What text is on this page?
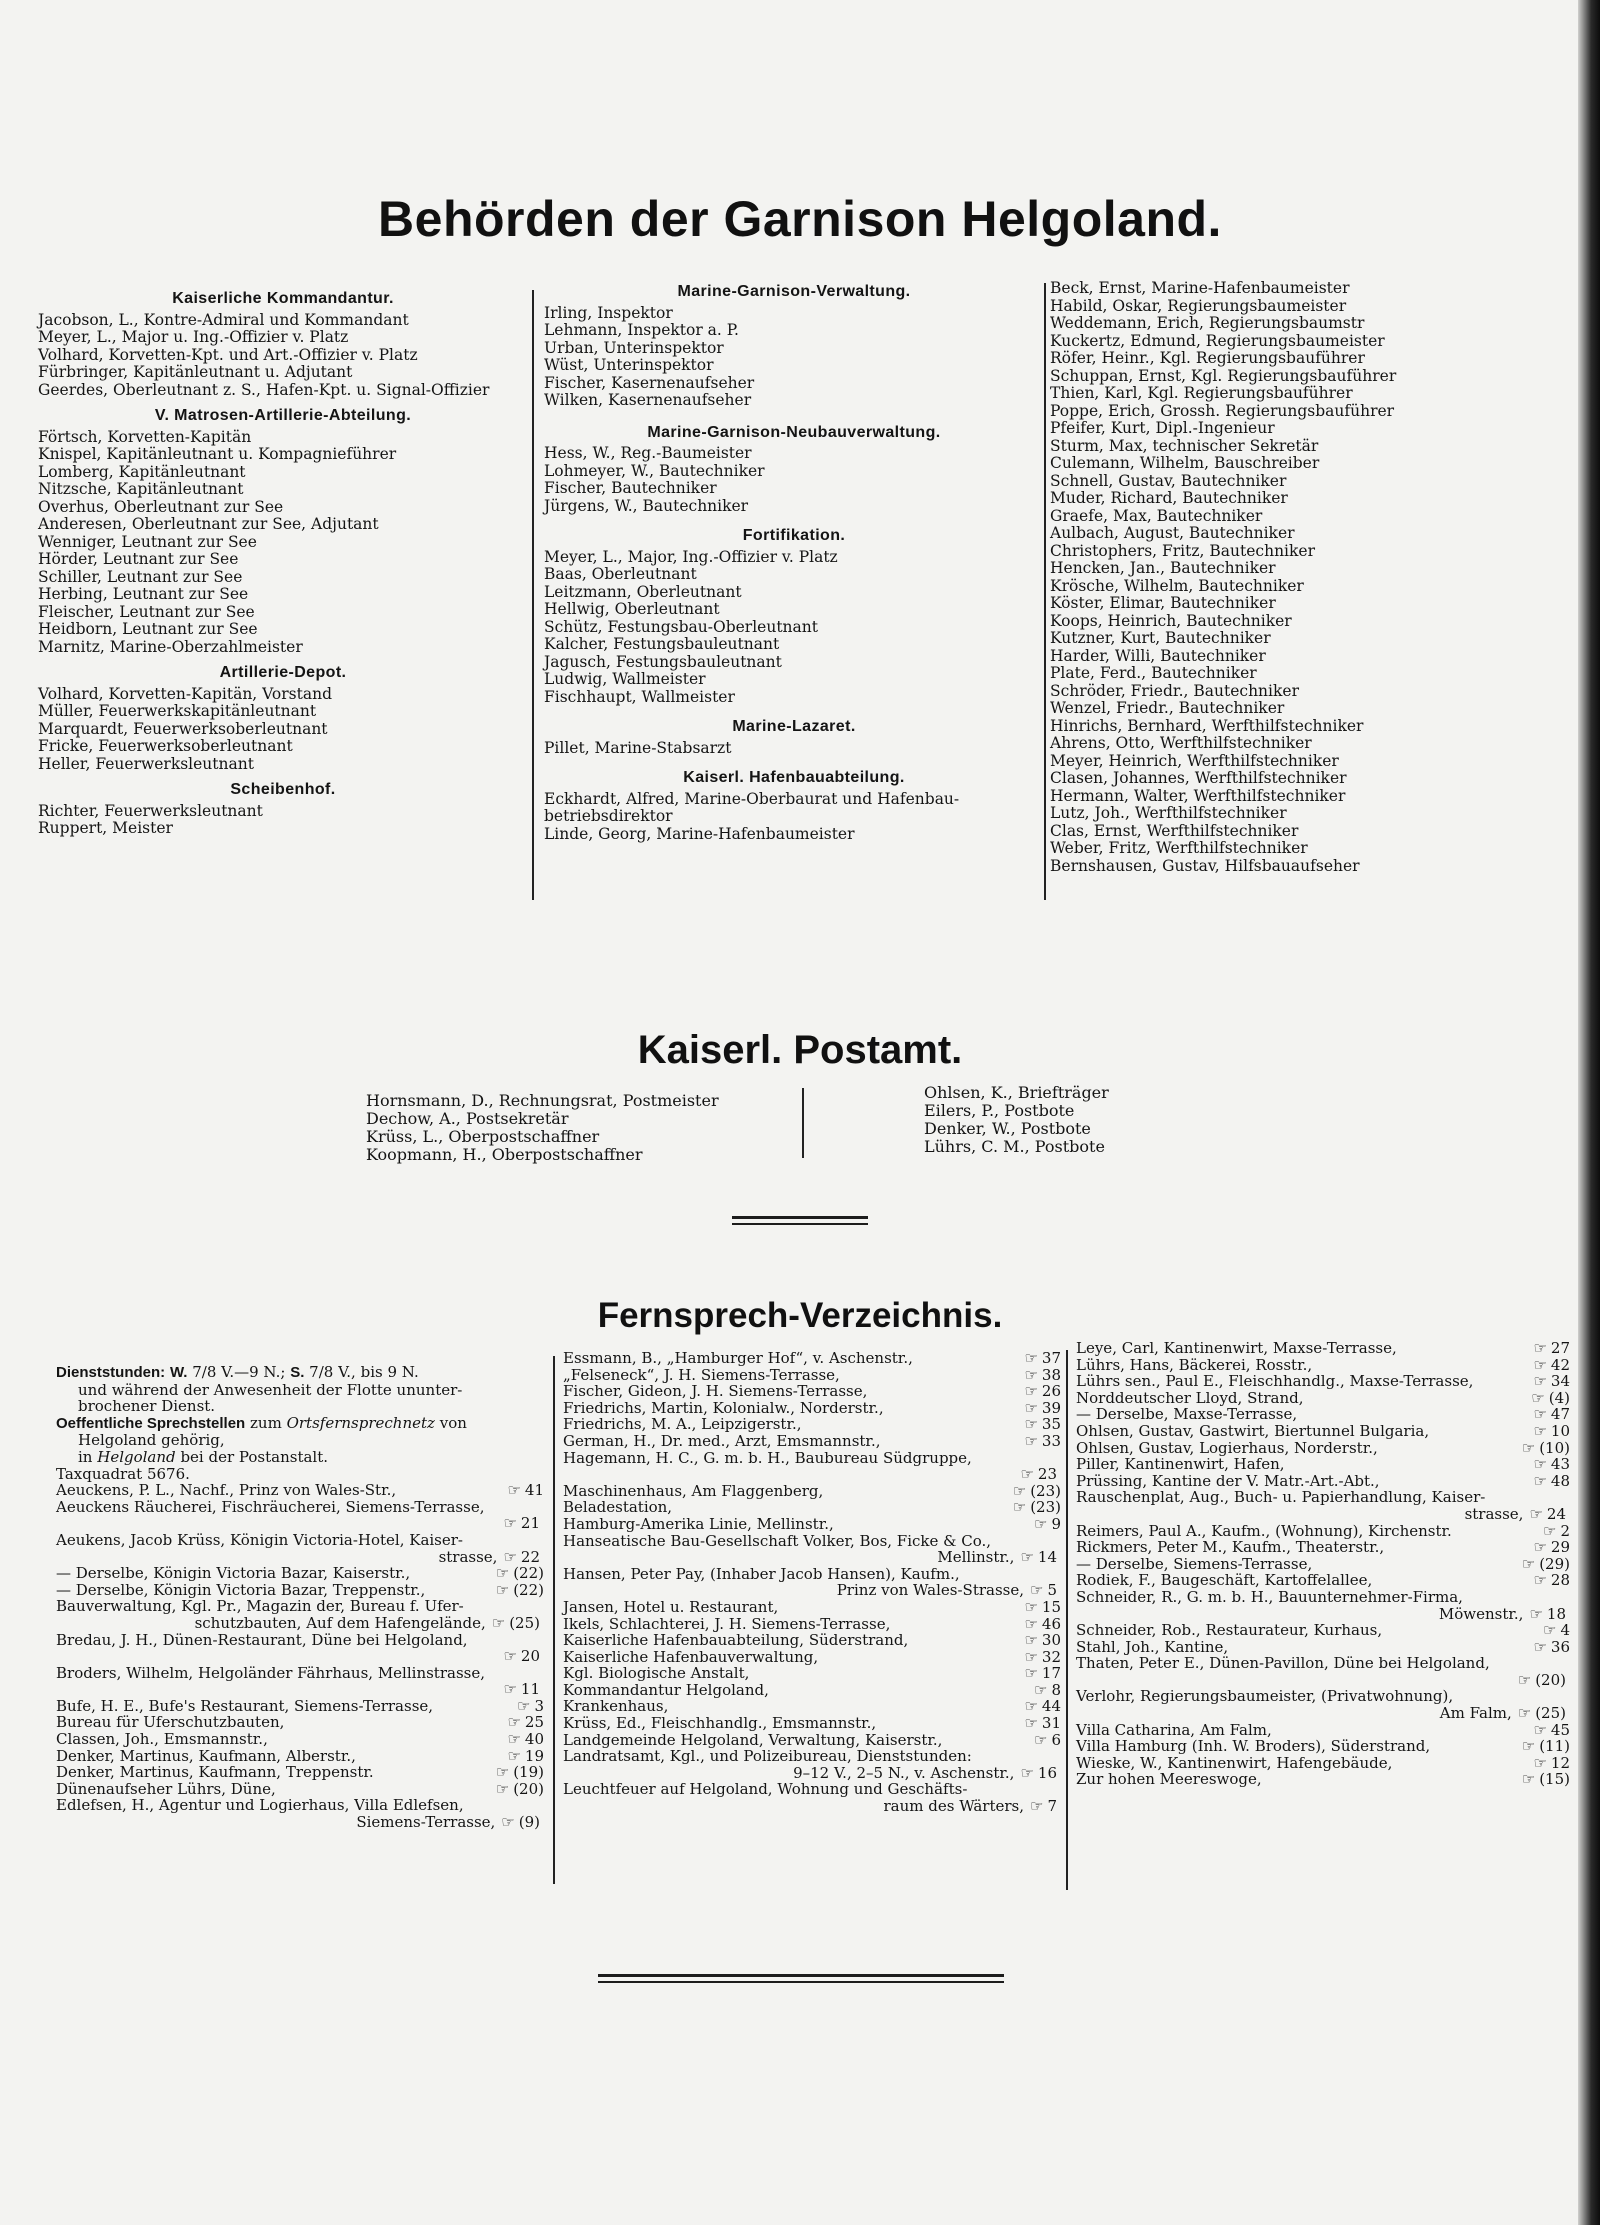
Behörden der Garnison Helgoland.
Kaiserliche Kommandantur.
Jacobson, L., Kontre-Admiral und Kommandant
Meyer, L., Major u. Ing.-Offizier v. Platz
Volhard, Korvetten-Kpt. und Art.-Offizier v. Platz
Fürbringer, Kapitänleutnant u. Adjutant
Geerdes, Oberleutnant z. S., Hafen-Kpt. u. Signal-Offizier
V. Matrosen-Artillerie-Abteilung.
Förtsch, Korvetten-Kapitän
Knispel, Kapitänleutnant u. Kompagnieführer
Lomberg, Kapitänleutnant
Nitzsche, Kapitänleutnant
Overhus, Oberleutnant zur See
Anderesen, Oberleutnant zur See, Adjutant
Wenniger, Leutnant zur See
Hörder, Leutnant zur See
Schiller, Leutnant zur See
Herbing, Leutnant zur See
Fleischer, Leutnant zur See
Heidborn, Leutnant zur See
Marnitz, Marine-Oberzahlmeister
Artillerie-Depot.
Volhard, Korvetten-Kapitän, Vorstand
Müller, Feuerwerkskapitänleutnant
Marquardt, Feuerwerksoberleutnant
Fricke, Feuerwerksoberleutnant
Heller, Feuerwerksleutnant
Scheibenhof.
Richter, Feuerwerksleutnant
Ruppert, Meister
Marine-Garnison-Verwaltung.
Irling, Inspektor
Lehmann, Inspektor a. P.
Urban, Unterinspektor
Wüst, Unterinspektor
Fischer, Kasernenaufseher
Wilken, Kasernenaufseher
Marine-Garnison-Neubauverwaltung.
Hess, W., Reg.-Baumeister
Lohmeyer, W., Bautechniker
Fischer, Bautechniker
Jürgens, W., Bautechniker
Fortifikation.
Meyer, L., Major, Ing.-Offizier v. Platz
Baas, Oberleutnant
Leitzmann, Oberleutnant
Hellwig, Oberleutnant
Schütz, Festungsbau-Oberleutnant
Kalcher, Festungsbauleutnant
Jagusch, Festungsbauleutnant
Ludwig, Wallmeister
Fischhaupt, Wallmeister
Marine-Lazaret.
Pillet, Marine-Stabsarzt
Kaiserl. Hafenbauabteilung.
Eckhardt, Alfred, Marine-Oberbaurat und Hafenbau-
betriebsdirektor
Linde, Georg, Marine-Hafenbaumeister
Beck, Ernst, Marine-Hafenbaumeister
Habild, Oskar, Regierungsbaumeister
Weddemann, Erich, Regierungsbaumstr
Kuckertz, Edmund, Regierungsbaumeister
Röfer, Heinr., Kgl. Regierungsbauführer
Schuppan, Ernst, Kgl. Regierungsbauführer
Thien, Karl, Kgl. Regierungsbauführer
Poppe, Erich, Grossh. Regierungsbauführer
Pfeifer, Kurt, Dipl.-Ingenieur
Sturm, Max, technischer Sekretär
Culemann, Wilhelm, Bauschreiber
Schnell, Gustav, Bautechniker
Muder, Richard, Bautechniker
Graefe, Max, Bautechniker
Aulbach, August, Bautechniker
Christophers, Fritz, Bautechniker
Hencken, Jan., Bautechniker
Krösche, Wilhelm, Bautechniker
Köster, Elimar, Bautechniker
Koops, Heinrich, Bautechniker
Kutzner, Kurt, Bautechniker
Harder, Willi, Bautechniker
Plate, Ferd., Bautechniker
Schröder, Friedr., Bautechniker
Wenzel, Friedr., Bautechniker
Hinrichs, Bernhard, Werfthilfstechniker
Ahrens, Otto, Werfthilfstechniker
Meyer, Heinrich, Werfthilfstechniker
Clasen, Johannes, Werfthilfstechniker
Hermann, Walter, Werfthilfstechniker
Lutz, Joh., Werfthilfstechniker
Clas, Ernst, Werfthilfstechniker
Weber, Fritz, Werfthilfstechniker
Bernshausen, Gustav, Hilfsbauaufseher
Kaiserl. Postamt.
Hornsmann, D., Rechnungsrat, Postmeister
Dechow, A., Postsekretär
Krüss, L., Oberpostschaffner
Koopmann, H., Oberpostschaffner
Ohlsen, K., Briefträger
Eilers, P., Postbote
Denker, W., Postbote
Lührs, C. M., Postbote
Fernsprech-Verzeichnis.
Dienststunden: W. 7/8 V.—9 N.; S. 7/8 V., bis 9 N.
und während der Anwesenheit der Flotte ununter-
brochener Dienst.
Oeffentliche Sprechstellen zum Ortsfernsprechnetz von
Helgoland gehörig,
in Helgoland bei der Postanstalt.
Taxquadrat 5676.
☞ 41
Aeuckens, P. L., Nachf., Prinz von Wales-Str.,
Aeuckens Räucherei, Fischräucherei, Siemens-Terrasse,
☞ 21
Aeukens, Jacob Krüss, Königin Victoria-Hotel, Kaiser-
strasse, ☞ 22
☞ (22)
— Derselbe, Königin Victoria Bazar, Kaiserstr.,
☞ (22)
— Derselbe, Königin Victoria Bazar, Treppenstr.,
Bauverwaltung, Kgl. Pr., Magazin der, Bureau f. Ufer-
schutzbauten, Auf dem Hafengelände, ☞ (25)
Bredau, J. H., Dünen-Restaurant, Düne bei Helgoland,
☞ 20
Broders, Wilhelm, Helgoländer Fährhaus, Mellinstrasse,
☞ 11
☞ 3
Bufe, H. E., Bufe's Restaurant, Siemens-Terrasse,
☞ 25
Bureau für Uferschutzbauten,
☞ 40
Classen, Joh., Emsmannstr.,
☞ 19
Denker, Martinus, Kaufmann, Alberstr.,
☞ (19)
Denker, Martinus, Kaufmann, Treppenstr.
☞ (20)
Dünenaufseher Lührs, Düne,
Edlefsen, H., Agentur und Logierhaus, Villa Edlefsen,
Siemens-Terrasse, ☞ (9)
☞ 37
Essmann, B., „Hamburger Hof“, v. Aschenstr.,
☞ 38
„Felseneck“, J. H. Siemens-Terrasse,
☞ 26
Fischer, Gideon, J. H. Siemens-Terrasse,
☞ 39
Friedrichs, Martin, Kolonialw., Norderstr.,
☞ 35
Friedrichs, M. A., Leipzigerstr.,
☞ 33
German, H., Dr. med., Arzt, Emsmannstr.,
Hagemann, H. C., G. m. b. H., Baubureau Südgruppe,
☞ 23
☞ (23)
Maschinenhaus, Am Flaggenberg,
☞ (23)
Beladestation,
☞ 9
Hamburg-Amerika Linie, Mellinstr.,
Hanseatische Bau-Gesellschaft Volker, Bos, Ficke & Co.,
Mellinstr., ☞ 14
Hansen, Peter Pay, (Inhaber Jacob Hansen), Kaufm.,
Prinz von Wales-Strasse, ☞ 5
☞ 15
Jansen, Hotel u. Restaurant,
☞ 46
Ikels, Schlachterei, J. H. Siemens-Terrasse,
☞ 30
Kaiserliche Hafenbauabteilung, Süderstrand,
☞ 32
Kaiserliche Hafenbauverwaltung,
☞ 17
Kgl. Biologische Anstalt,
☞ 8
Kommandantur Helgoland,
☞ 44
Krankenhaus,
☞ 31
Krüss, Ed., Fleischhandlg., Emsmannstr.,
☞ 6
Landgemeinde Helgoland, Verwaltung, Kaiserstr.,
Landratsamt, Kgl., und Polizeibureau, Dienststunden:
9–12 V., 2–5 N., v. Aschenstr., ☞ 16
Leuchtfeuer auf Helgoland, Wohnung und Geschäfts-
raum des Wärters, ☞ 7
☞ 27
Leye, Carl, Kantinenwirt, Maxse-Terrasse,
☞ 42
Lührs, Hans, Bäckerei, Rosstr.,
☞ 34
Lührs sen., Paul E., Fleischhandlg., Maxse-Terrasse,
☞ (4)
Norddeutscher Lloyd, Strand,
☞ 47
— Derselbe, Maxse-Terrasse,
☞ 10
Ohlsen, Gustav, Gastwirt, Biertunnel Bulgaria,
☞ (10)
Ohlsen, Gustav, Logierhaus, Norderstr.,
☞ 43
Piller, Kantinenwirt, Hafen,
☞ 48
Prüssing, Kantine der V. Matr.-Art.-Abt.,
Rauschenplat, Aug., Buch- u. Papierhandlung, Kaiser-
strasse, ☞ 24
☞ 2
Reimers, Paul A., Kaufm., (Wohnung), Kirchenstr.
☞ 29
Rickmers, Peter M., Kaufm., Theaterstr.,
☞ (29)
— Derselbe, Siemens-Terrasse,
☞ 28
Rodiek, F., Baugeschäft, Kartoffelallee,
Schneider, R., G. m. b. H., Bauunternehmer-Firma,
Möwenstr., ☞ 18
☞ 4
Schneider, Rob., Restaurateur, Kurhaus,
☞ 36
Stahl, Joh., Kantine,
Thaten, Peter E., Dünen-Pavillon, Düne bei Helgoland,
☞ (20)
Verlohr, Regierungsbaumeister, (Privatwohnung),
Am Falm, ☞ (25)
☞ 45
Villa Catharina, Am Falm,
☞ (11)
Villa Hamburg (Inh. W. Broders), Süderstrand,
☞ 12
Wieske, W., Kantinenwirt, Hafengebäude,
☞ (15)
Zur hohen Meereswoge,
